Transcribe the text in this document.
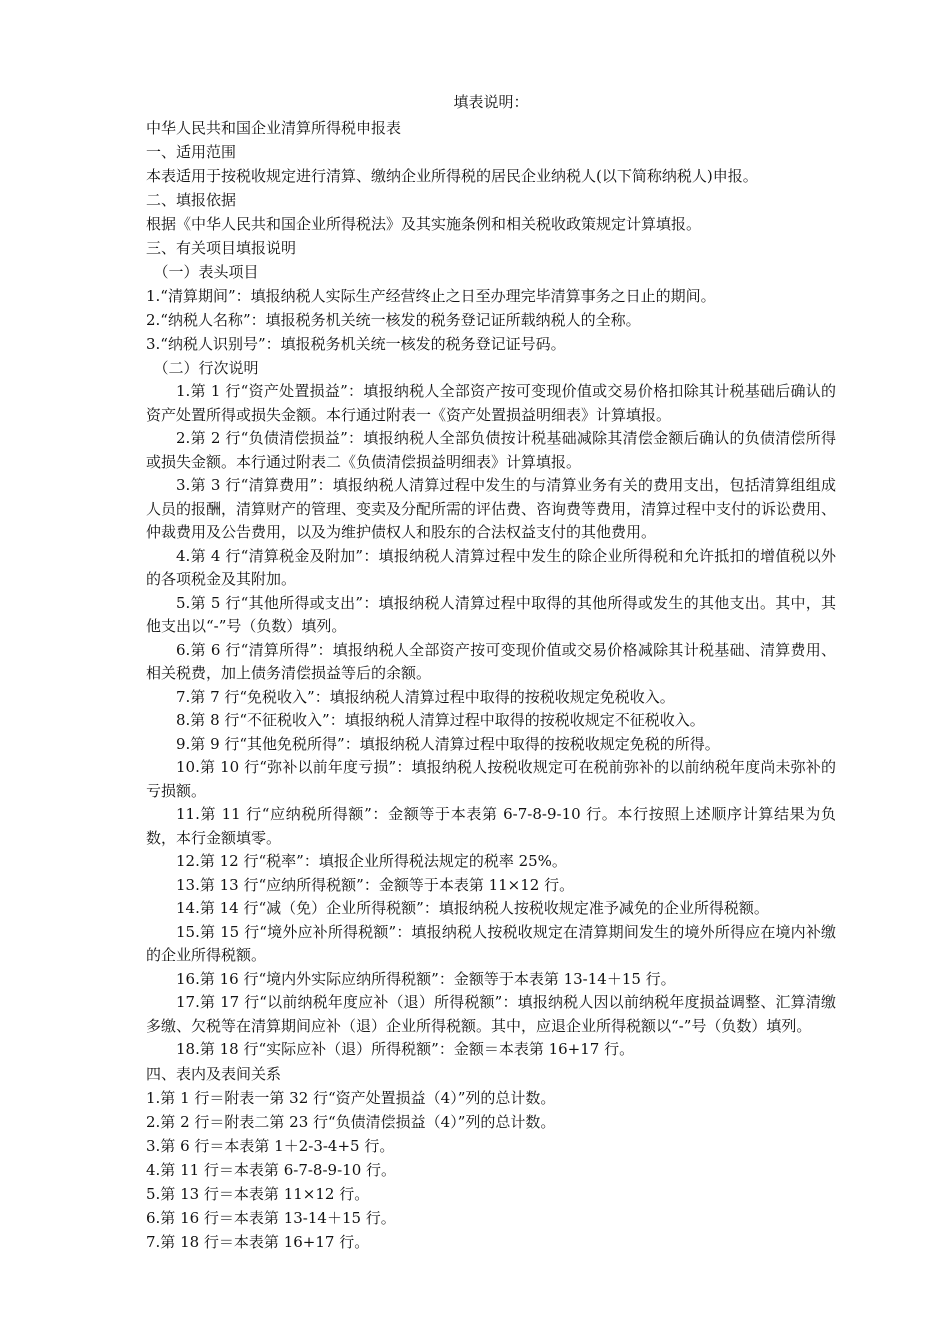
填表说明：
中华人民共和国企业清算所得税申报表
一、适用范围
本表适用于按税收规定进行清算、缴纳企业所得税的居民企业纳税人(以下简称纳税人)申报。
二、填报依据
根据《中华人民共和国企业所得税法》及其实施条例和相关税收政策规定计算填报。
三、有关项目填报说明
（一）表头项目
1.“清算期间”：填报纳税人实际生产经营终止之日至办理完毕清算事务之日止的期间。
2.“纳税人名称”：填报税务机关统一核发的税务登记证所载纳税人的全称。
3.“纳税人识别号”：填报税务机关统一核发的税务登记证号码。
（二）行次说明

1.第 1 行“资产处置损益”：填报纳税人全部资产按可变现价值或交易价格扣除其计税基础后确认的资产处置所得或损失金额。本行通过附表一《资产处置损益明细表》计算填报。

2.第 2 行“负债清偿损益”：填报纳税人全部负债按计税基础减除其清偿金额后确认的负债清偿所得或损失金额。本行通过附表二《负债清偿损益明细表》计算填报。

3.第 3 行“清算费用”：填报纳税人清算过程中发生的与清算业务有关的费用支出，包括清算组组成人员的报酬，清算财产的管理、变卖及分配所需的评估费、咨询费等费用，清算过程中支付的诉讼费用、仲裁费用及公告费用，以及为维护债权人和股东的合法权益支付的其他费用。

4.第 4 行“清算税金及附加”：填报纳税人清算过程中发生的除企业所得税和允许抵扣的增值税以外的各项税金及其附加。

5.第 5 行“其他所得或支出”：填报纳税人清算过程中取得的其他所得或发生的其他支出。其中，其他支出以“-”号（负数）填列。

6.第 6 行“清算所得”：填报纳税人全部资产按可变现价值或交易价格减除其计税基础、清算费用、相关税费，加上债务清偿损益等后的余额。

7.第 7 行“免税收入”：填报纳税人清算过程中取得的按税收规定免税收入。

8.第 8 行“不征税收入”：填报纳税人清算过程中取得的按税收规定不征税收入。

9.第 9 行“其他免税所得”：填报纳税人清算过程中取得的按税收规定免税的所得。

10.第 10 行“弥补以前年度亏损”：填报纳税人按税收规定可在税前弥补的以前纳税年度尚未弥补的亏损额。

11.第 11 行“应纳税所得额”：金额等于本表第 6-7-8-9-10 行。本行按照上述顺序计算结果为负数，本行金额填零。

12.第 12 行“税率”：填报企业所得税法规定的税率 25%。

13.第 13 行“应纳所得税额”：金额等于本表第 11×12 行。

14.第 14 行“减（免）企业所得税额”：填报纳税人按税收规定准予减免的企业所得税额。

15.第 15 行“境外应补所得税额”：填报纳税人按税收规定在清算期间发生的境外所得应在境内补缴的企业所得税额。

16.第 16 行“境内外实际应纳所得税额”：金额等于本表第 13-14＋15 行。

17.第 17 行“以前纳税年度应补（退）所得税额”：填报纳税人因以前纳税年度损益调整、汇算清缴多缴、欠税等在清算期间应补（退）企业所得税额。其中，应退企业所得税额以“-”号（负数）填列。

18.第 18 行“实际应补（退）所得税额”：金额＝本表第 16+17 行。

四、表内及表间关系
1.第 1 行＝附表一第 32 行“资产处置损益（4）”列的总计数。
2.第 2 行＝附表二第 23 行“负债清偿损益（4）”列的总计数。
3.第 6 行＝本表第 1＋2-3-4+5 行。
4.第 11 行＝本表第 6-7-8-9-10 行。
5.第 13 行＝本表第 11×12 行。
6.第 16 行＝本表第 13-14＋15 行。
7.第 18 行＝本表第 16+17 行。
